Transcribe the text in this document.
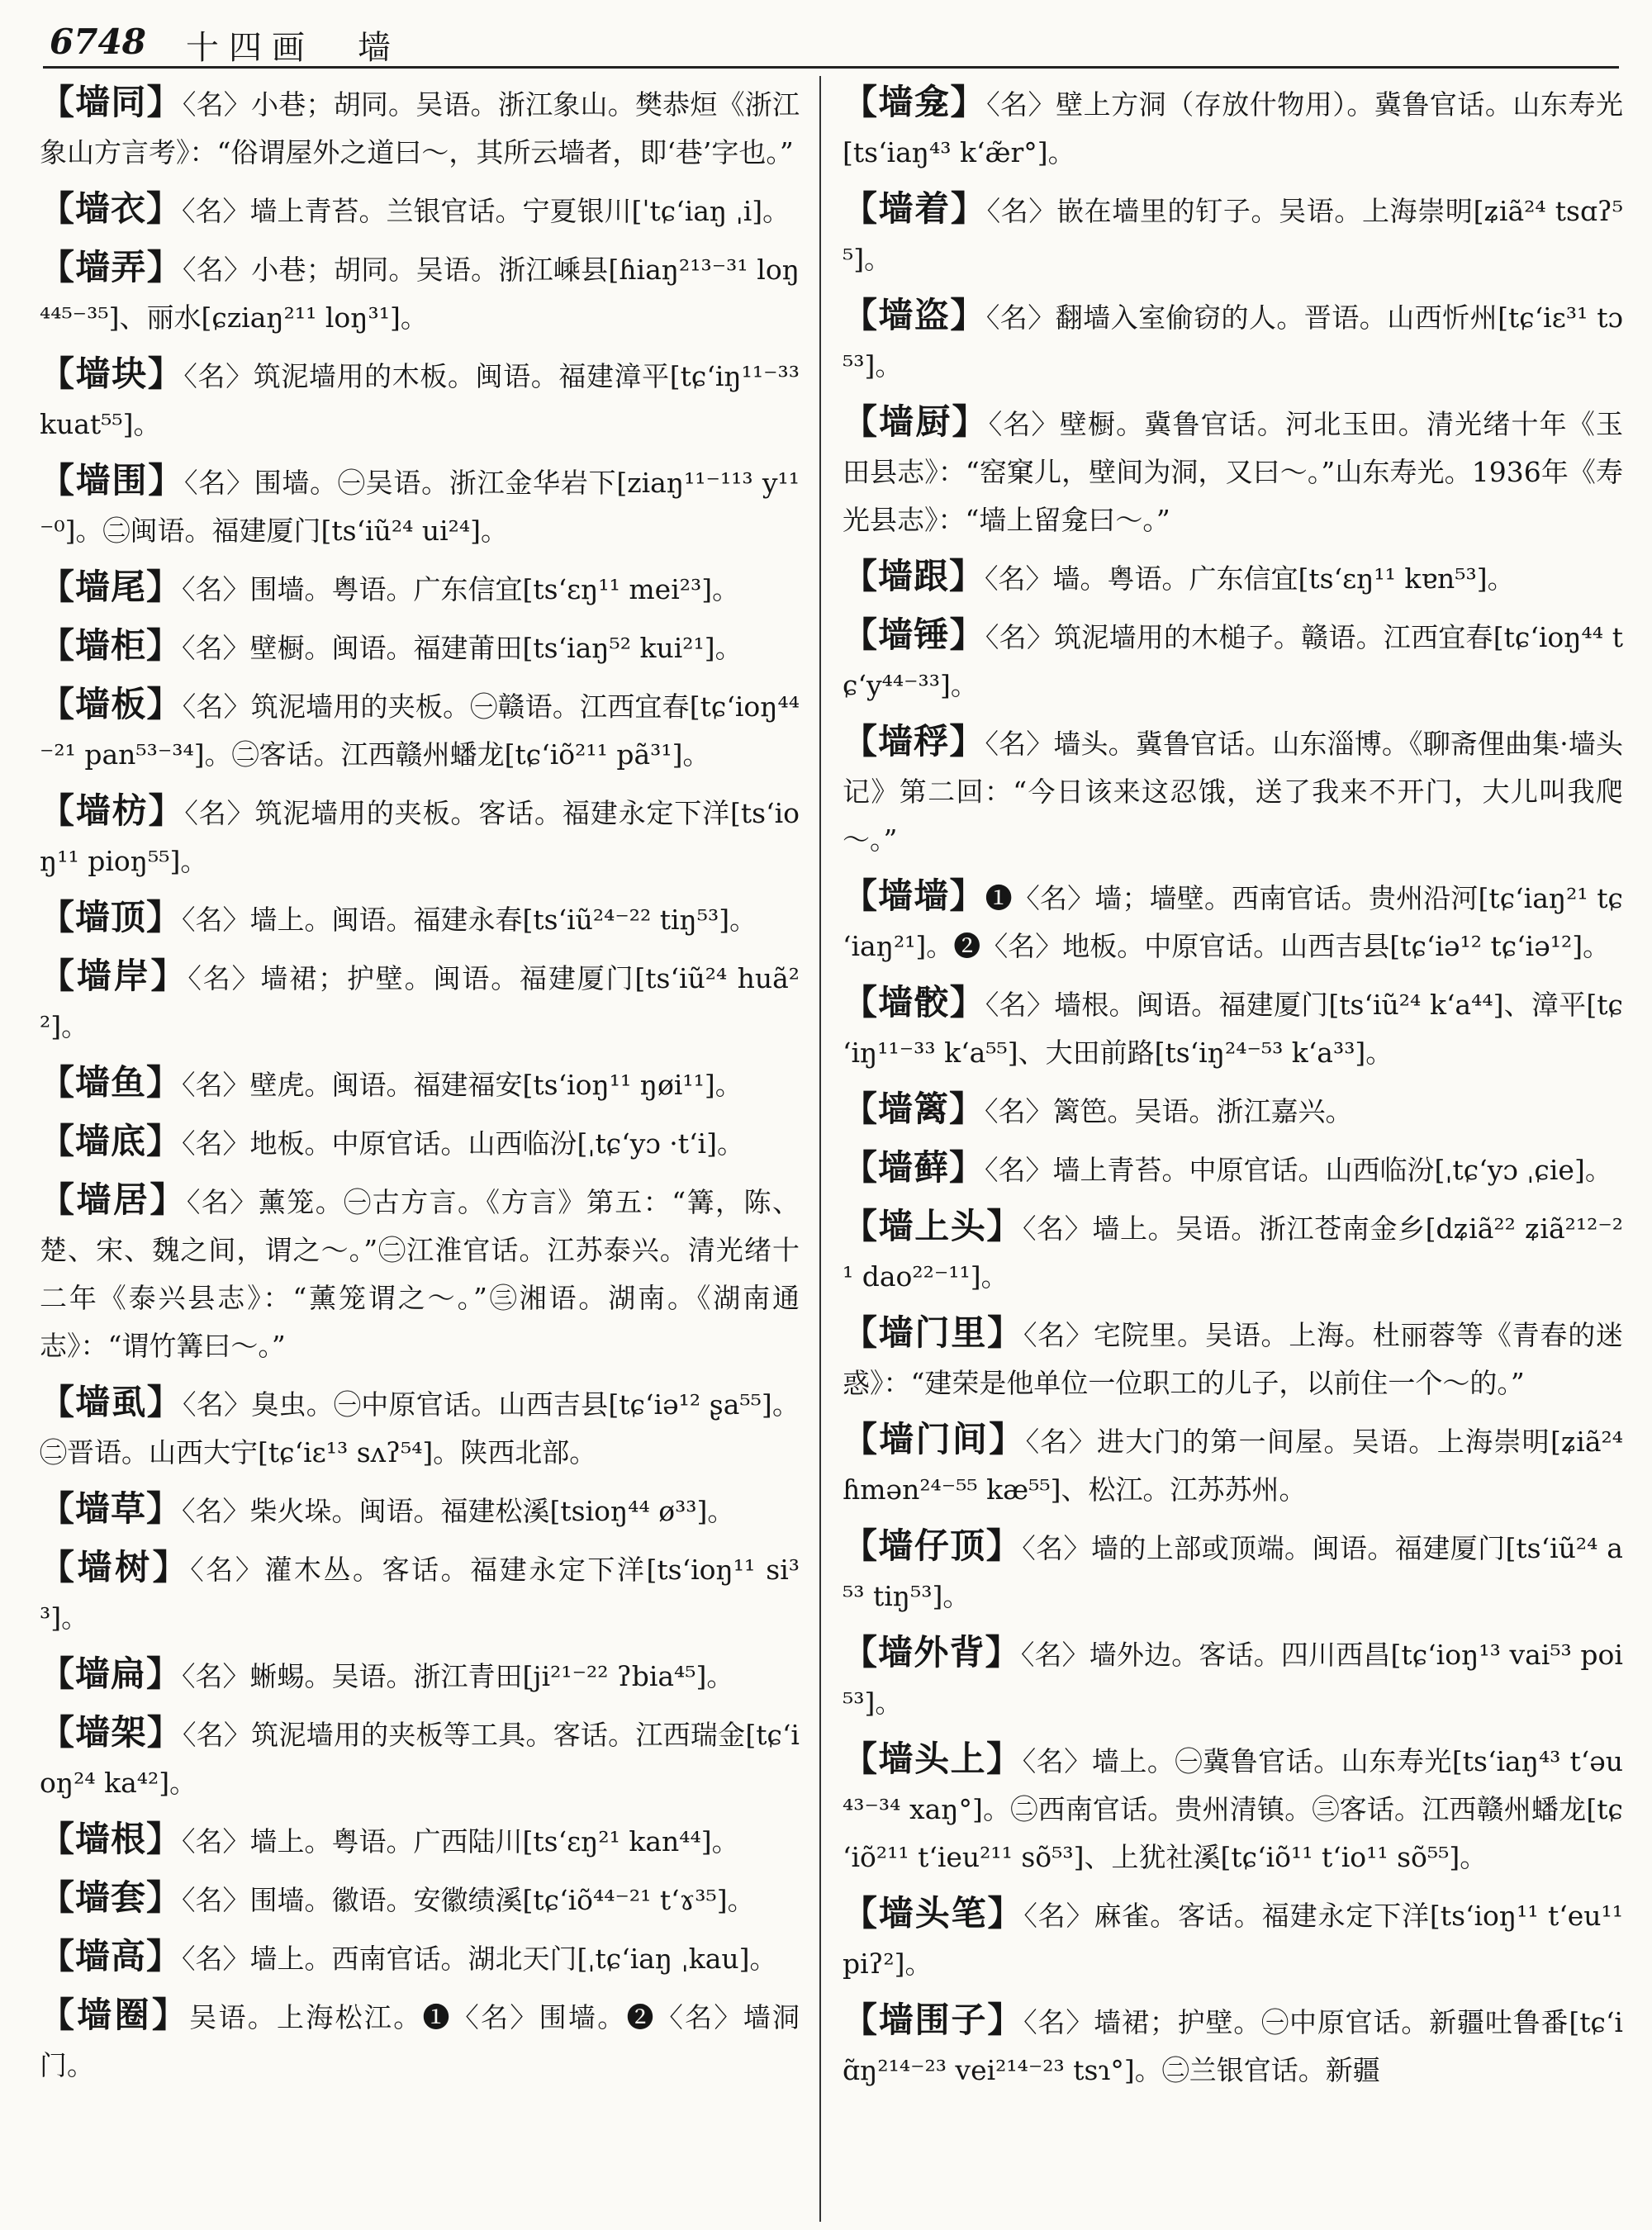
6748 十四画　墙
【墙同】〈名〉小巷；胡同。吴语。浙江象山。樊恭烜《浙江象山方言考》：“俗谓屋外之道曰～，其所云墙者，即‘巷’字也。”
【墙衣】〈名〉墙上青苔。兰银官话。宁夏银川[ˈtɕʻiaŋ ˌi]。
【墙弄】〈名〉小巷；胡同。吴语。浙江嵊县[ɦiaŋ²¹³⁻³¹ loŋ⁴⁴⁵⁻³⁵]、丽水[ɕziaŋ²¹¹ loŋ³¹]。
【墙块】〈名〉筑泥墙用的木板。闽语。福建漳平[tɕʻiŋ¹¹⁻³³ kuat⁵⁵]。
【墙围】〈名〉围墙。㊀吴语。浙江金华岩下[ziaŋ¹¹⁻¹¹³ y¹¹⁻⁰]。㊁闽语。福建厦门[tsʻiũ²⁴ ui²⁴]。
【墙尾】〈名〉围墙。粤语。广东信宜[tsʻɛŋ¹¹ mei²³]。
【墙柜】〈名〉壁橱。闽语。福建莆田[tsʻiaŋ⁵² kui²¹]。
【墙板】〈名〉筑泥墙用的夹板。㊀赣语。江西宜春[tɕʻioŋ⁴⁴⁻²¹ pan⁵³⁻³⁴]。㊁客话。江西赣州蟠龙[tɕʻiõ²¹¹ pã³¹]。
【墙枋】〈名〉筑泥墙用的夹板。客话。福建永定下洋[tsʻioŋ¹¹ pioŋ⁵⁵]。
【墙顶】〈名〉墙上。闽语。福建永春[tsʻiũ²⁴⁻²² tiŋ⁵³]。
【墙岸】〈名〉墙裙；护壁。闽语。福建厦门[tsʻiũ²⁴ huã²²]。
【墙鱼】〈名〉壁虎。闽语。福建福安[tsʻioŋ¹¹ ŋøi¹¹]。
【墙底】〈名〉地板。中原官话。山西临汾[ˌtɕʻyɔ ·tʻi]。
【墙居】〈名〉薰笼。㊀古方言。《方言》第五：“篝，陈、楚、宋、魏之间，谓之～。”㊁江淮官话。江苏泰兴。清光绪十二年《泰兴县志》：“薰笼谓之～。”㊂湘语。湖南。《湖南通志》：“谓竹篝曰～。”
【墙虱】〈名〉臭虫。㊀中原官话。山西吉县[tɕʻiə¹² ʂa⁵⁵]。㊁晋语。山西大宁[tɕʻiɛ¹³ sʌʔ⁵⁴]。陕西北部。
【墙草】〈名〉柴火垛。闽语。福建松溪[tsioŋ⁴⁴ ø³³]。
【墙树】〈名〉灌木丛。客话。福建永定下洋[tsʻioŋ¹¹ si³³]。
【墙扁】〈名〉蜥蜴。吴语。浙江青田[ji²¹⁻²² ʔbia⁴⁵]。
【墙架】〈名〉筑泥墙用的夹板等工具。客话。江西瑞金[tɕʻioŋ²⁴ ka⁴²]。
【墙根】〈名〉墙上。粤语。广西陆川[tsʻɛŋ²¹ kan⁴⁴]。
【墙套】〈名〉围墙。徽语。安徽绩溪[tɕʻiõ⁴⁴⁻²¹ tʻɤ³⁵]。
【墙高】〈名〉墙上。西南官话。湖北天门[ˌtɕʻiaŋ ˌkau]。
【墙圈】吴语。上海松江。❶〈名〉围墙。❷〈名〉墙洞门。
【墙龛】〈名〉壁上方洞（存放什物用）。冀鲁官话。山东寿光[tsʻiaŋ⁴³ kʻæ̃r°]。
【墙着】〈名〉嵌在墙里的钉子。吴语。上海崇明[ʑiã²⁴ tsɑʔ⁵⁵]。
【墙盗】〈名〉翻墙入室偷窃的人。晋语。山西忻州[tɕʻiɛ³¹ tɔ⁵³]。
【墙厨】〈名〉壁橱。冀鲁官话。河北玉田。清光绪十年《玉田县志》：“窑窠儿，壁间为洞，又曰～。”山东寿光。1936年《寿光县志》：“墙上留龛曰～。”
【墙跟】〈名〉墙。粤语。广东信宜[tsʻɛŋ¹¹ kɐn⁵³]。
【墙锤】〈名〉筑泥墙用的木槌子。赣语。江西宜春[tɕʻioŋ⁴⁴ tɕʻy⁴⁴⁻³³]。
【墙稃】〈名〉墙头。冀鲁官话。山东淄博。《聊斋俚曲集·墙头记》第二回：“今日该来这忍饿，送了我来不开门，大儿叫我爬～。”
【墙墙】❶〈名〉墙；墙壁。西南官话。贵州沿河[tɕʻiaŋ²¹ tɕʻiaŋ²¹]。❷〈名〉地板。中原官话。山西吉县[tɕʻiə¹² tɕʻiə¹²]。
【墙骹】〈名〉墙根。闽语。福建厦门[tsʻiũ²⁴ kʻa⁴⁴]、漳平[tɕʻiŋ¹¹⁻³³ kʻa⁵⁵]、大田前路[tsʻiŋ²⁴⁻⁵³ kʻa³³]。
【墙篱】〈名〉篱笆。吴语。浙江嘉兴。
【墙藓】〈名〉墙上青苔。中原官话。山西临汾[ˌtɕʻyɔ ˌɕie]。
【墙上头】〈名〉墙上。吴语。浙江苍南金乡[dʑiã²² ʑiã²¹²⁻²¹ dao²²⁻¹¹]。
【墙门里】〈名〉宅院里。吴语。上海。杜丽蓉等《青春的迷惑》：“建荣是他单位一位职工的儿子，以前住一个～的。”
【墙门间】〈名〉进大门的第一间屋。吴语。上海崇明[ʑiã²⁴ ɦmən²⁴⁻⁵⁵ kæ⁵⁵]、松江。江苏苏州。
【墙仔顶】〈名〉墙的上部或顶端。闽语。福建厦门[tsʻiũ²⁴ a⁵³ tiŋ⁵³]。
【墙外背】〈名〉墙外边。客话。四川西昌[tɕʻioŋ¹³ vai⁵³ poi⁵³]。
【墙头上】〈名〉墙上。㊀冀鲁官话。山东寿光[tsʻiaŋ⁴³ tʻəu⁴³⁻³⁴ xaŋ°]。㊁西南官话。贵州清镇。㊂客话。江西赣州蟠龙[tɕʻiõ²¹¹ tʻieu²¹¹ sõ⁵³]、上犹社溪[tɕʻiõ¹¹ tʻio¹¹ sõ⁵⁵]。
【墙头笔】〈名〉麻雀。客话。福建永定下洋[tsʻioŋ¹¹ tʻeu¹¹ piʔ²]。
【墙围子】〈名〉墙裙；护壁。㊀中原官话。新疆吐鲁番[tɕʻiɑ̃ŋ²¹⁴⁻²³ vei²¹⁴⁻²³ tsɿ°]。㊁兰银官话。新疆
